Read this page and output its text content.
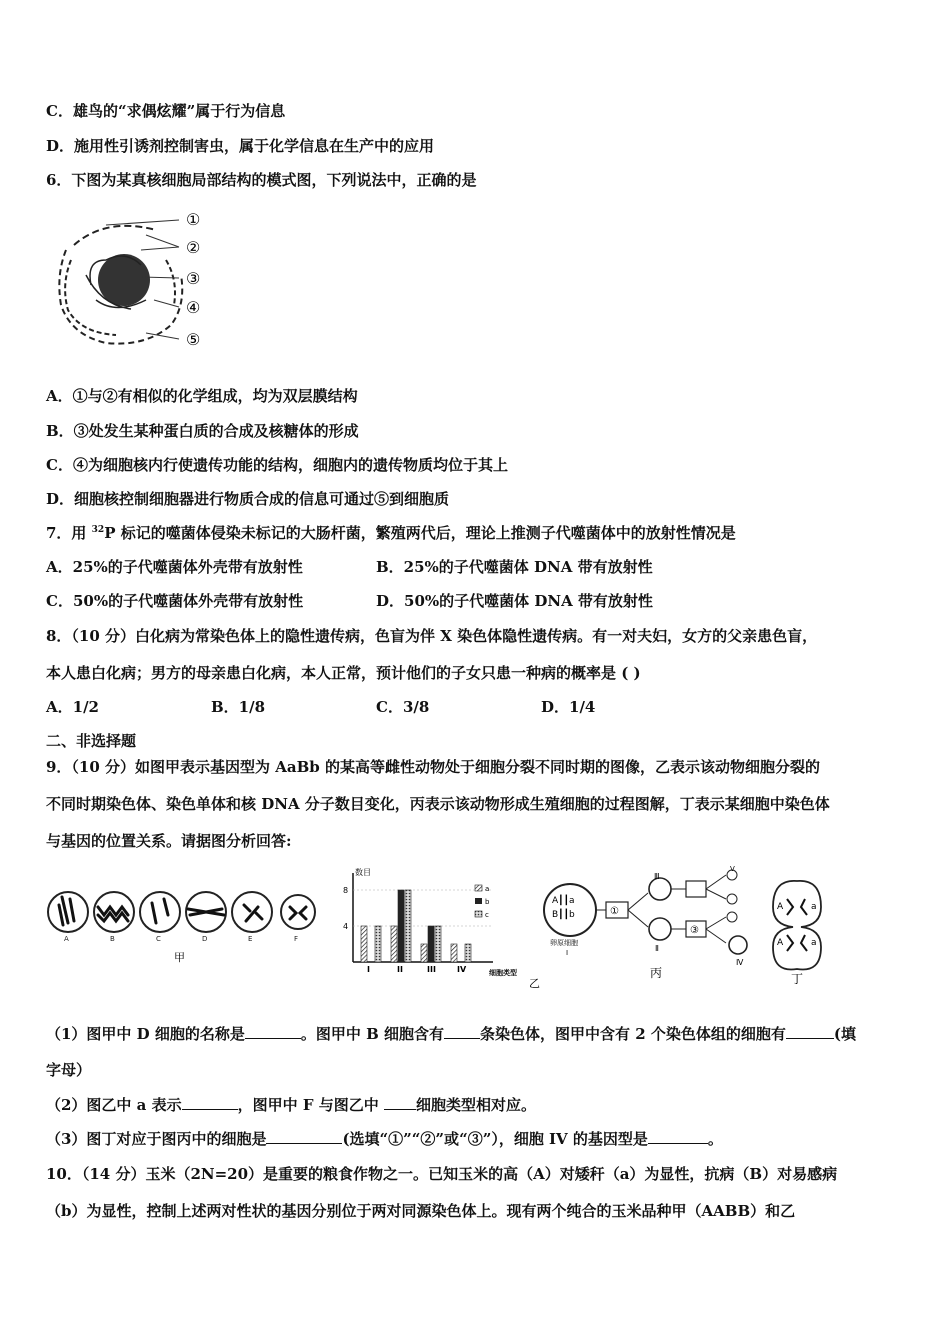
C．雄鸟的“求偶炫耀”属于行为信息
D．施用性引诱剂控制害虫，属于化学信息在生产中的应用
6．下图为某真核细胞局部结构的模式图，下列说法中，正确的是
①
②
③
④
⑤
A．①与②有相似的化学组成，均为双层膜结构
B．③处发生某种蛋白质的合成及核糖体的形成
C．④为细胞核内行使遗传功能的结构，细胞内的遗传物质均位于其上
D．细胞核控制细胞器进行物质合成的信息可通过⑤到细胞质
7．用 $^{32}$P 标记的噬菌体侵染未标记的大肠杆菌，繁殖两代后，理论上推测子代噬菌体中的放射性情况是
A．25%的子代噬菌体外壳带有放射性	B．25%的子代噬菌体 DNA 带有放射性
C．50%的子代噬菌体外壳带有放射性	D．50%的子代噬菌体 DNA 带有放射性
8．（10 分）白化病为常染色体上的隐性遗传病，色盲为伴 X 染色体隐性遗传病。有一对夫妇，女方的父亲患色盲，
本人患白化病；男方的母亲患白化病，本人正常，预计他们的子女只患一种病的概率是 ( )
A．1/2	B．1/8	C．3/8	D．1/4
二、非选择题
9．（10 分）如图甲表示基因型为 AaBb 的某高等雌性动物处于细胞分裂不同时期的图像，乙表示该动物细胞分裂的
不同时期染色体、染色单体和核 DNA 分子数目变化，丙表示该动物形成生殖细胞的过程图解，丁表示某细胞中染色体
与基因的位置关系。请据图分析回答:
A	B	C	D	E	F
甲
数目
4
8
I	II	III	IV	细胞类型
a
b
c
乙
A┃┃a
B┃┃b
卵原细胞
Ⅰ
①
Ⅲ
Ⅱ
③
V
Ⅳ
丙
A
A
a
a
丁
（1）图甲中 D 细胞的名称是	。图甲中 B 细胞含有 条染色体，图甲中含有 2 个染色体组的细胞有	(填
字母）
（2）图乙中 a 表示	，图甲中 F 与图乙中 细胞类型相对应。
（3）图丁对应于图丙中的细胞是	(选填“①”“②”或“③”），细胞 IV 的基因型是	。
10．（14 分）玉米（2N=20）是重要的粮食作物之一。已知玉米的高（A）对矮秆（a）为显性，抗病（B）对易感病
（b）为显性，控制上述两对性状的基因分别位于两对同源染色体上。现有两个纯合的玉米品种甲（AABB）和乙
